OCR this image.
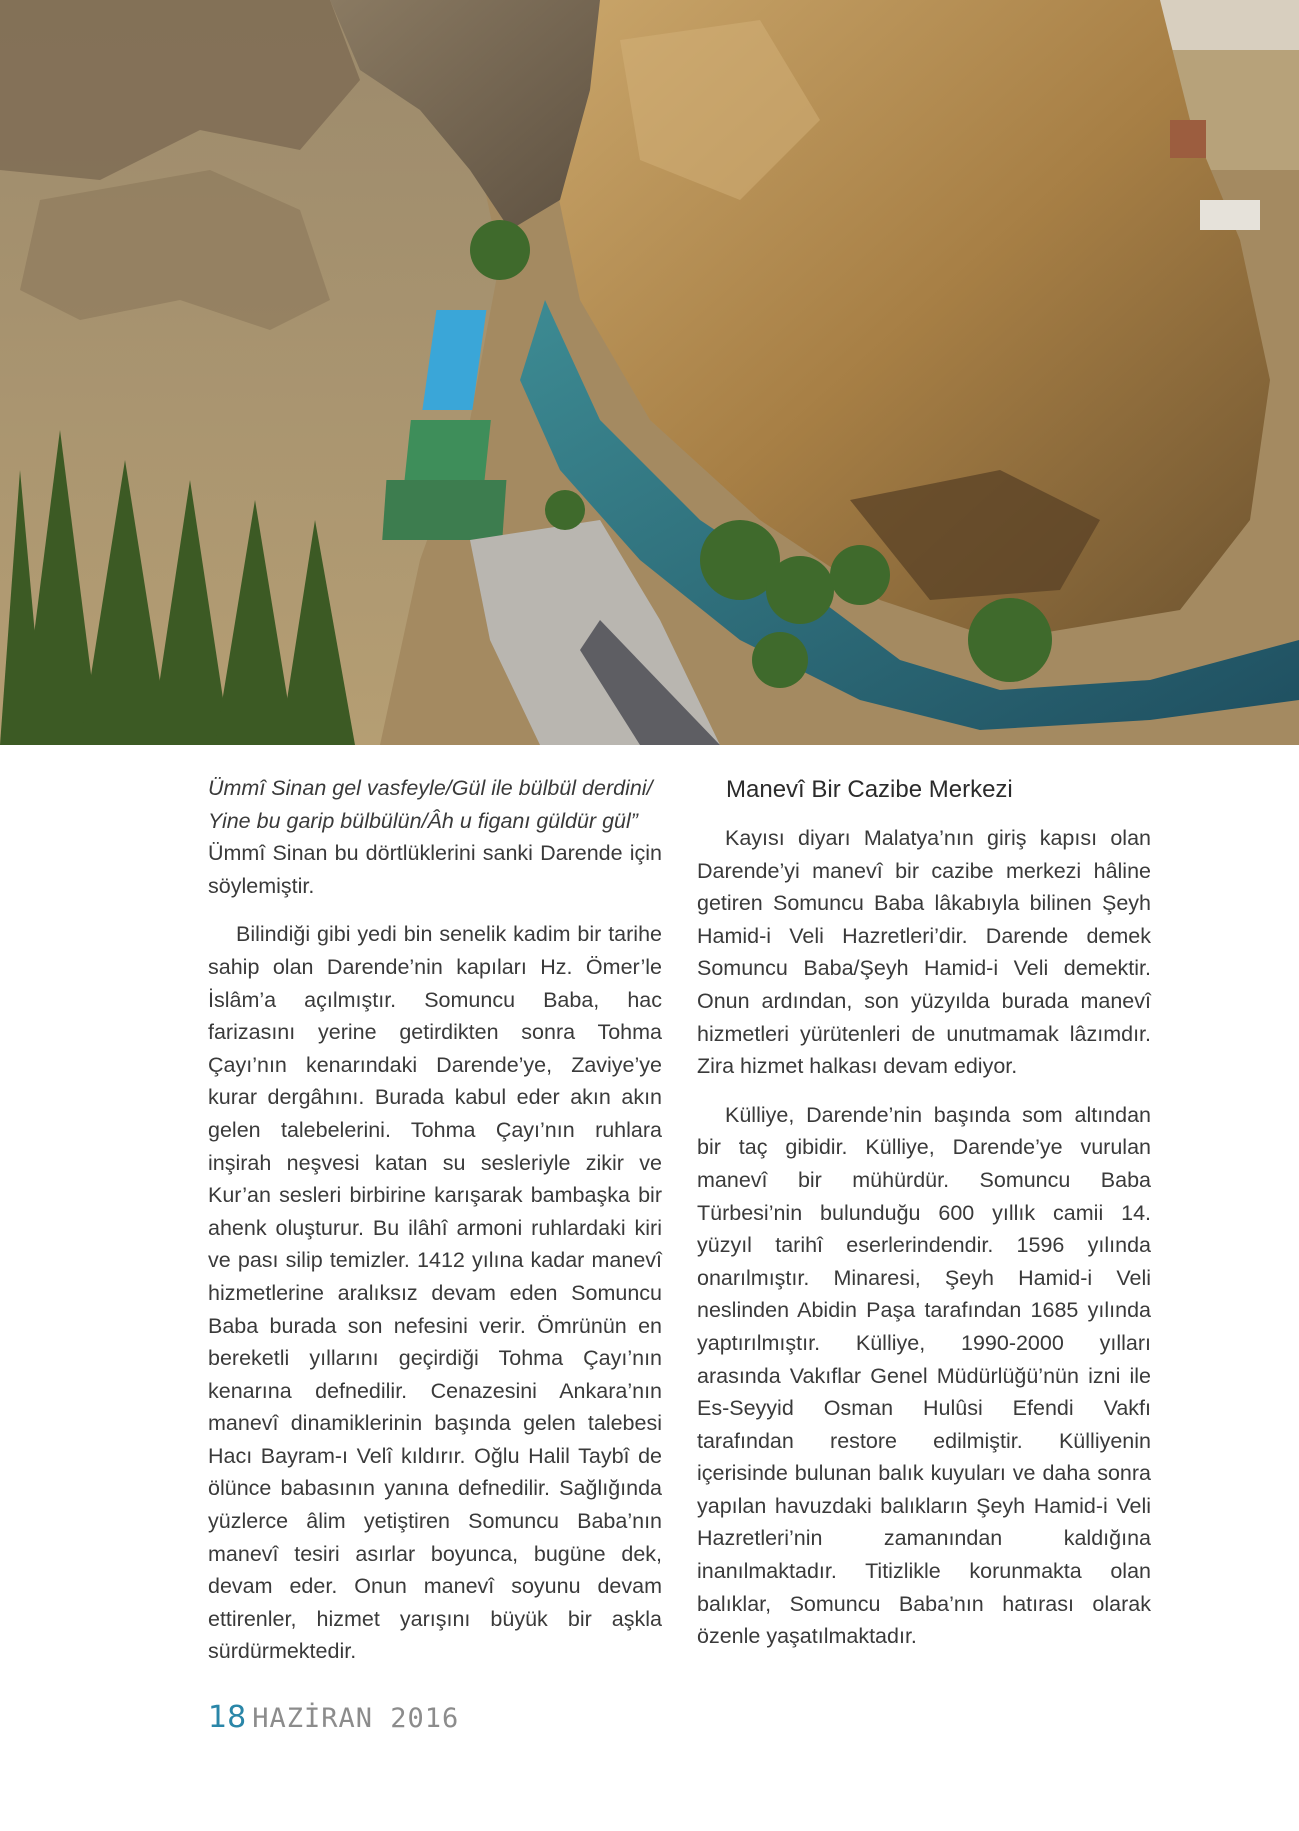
Ümmî Sinan gel vasfeyle/Gül ile bülbül derdini/

Yine bu garip bülbülün/Âh u figanı güldür gül”

Ümmî Sinan bu dörtlüklerini sanki Darende için söylemiştir.

Bilindiği gibi yedi bin senelik kadim bir tarihe sahip olan Darende’nin kapıları Hz. Ömer’le İslâm’a açılmıştır. Somuncu Baba, hac farizasını yerine getirdikten sonra Tohma Çayı’nın kenarındaki Darende’ye, Zaviye’ye kurar dergâhını. Burada kabul eder akın akın gelen talebelerini. Tohma Çayı’nın ruhlara inşirah neşvesi katan su sesleriyle zikir ve Kur’an sesleri birbirine karışarak bambaşka bir ahenk oluşturur. Bu ilâhî armoni ruhlardaki kiri ve pası silip temizler. 1412 yılına kadar manevî hizmetlerine aralıksız devam eden Somuncu Baba burada son nefesini verir. Ömrünün en bereketli yıllarını geçirdiği Tohma Çayı’nın kenarına defnedilir. Cenazesini Ankara’nın manevî dinamiklerinin başında gelen talebesi Hacı Bayram-ı Velî kıldırır. Oğlu Halil Taybî de ölünce babasının yanına defnedilir. Sağlığında yüzlerce âlim yetiştiren Somuncu Baba’nın manevî tesiri asırlar boyunca, bugüne dek, devam eder. Onun manevî soyunu devam ettirenler, hizmet yarışını büyük bir aşkla sürdürmektedir.

Manevî Bir Cazibe Merkezi

Kayısı diyarı Malatya’nın giriş kapısı olan Darende’yi manevî bir cazibe merkezi hâline getiren Somuncu Baba lâkabıyla bilinen Şeyh Hamid-i Veli Hazretleri’dir. Darende demek Somuncu Baba/Şeyh Hamid-i Veli demektir. Onun ardından, son yüzyılda burada manevî hizmetleri yürütenleri de unutmamak lâzımdır. Zira hizmet halkası devam ediyor.

Külliye, Darende’nin başında som altından bir taç gibidir. Külliye, Darende’ye vurulan manevî bir mühürdür. Somuncu Baba Türbesi’nin bulunduğu 600 yıllık camii 14. yüzyıl tarihî eserlerindendir. 1596 yılında onarılmıştır. Minaresi, Şeyh Hamid-i Veli neslinden Abidin Paşa tarafından 1685 yılında yaptırılmıştır. Külliye, 1990-2000 yılları arasında Vakıflar Genel Müdürlüğü’nün izni ile Es-Seyyid Osman Hulûsi Efendi Vakfı tarafından restore edilmiştir. Külliyenin içerisinde bulunan balık kuyuları ve daha sonra yapılan havuzdaki balıkların Şeyh Hamid-i Veli Hazretleri’nin zamanından kaldığına inanılmaktadır. Titizlikle korunmakta olan balıklar, Somuncu Baba’nın hatırası olarak özenle yaşatılmaktadır.

18 HAZİRAN 2016
